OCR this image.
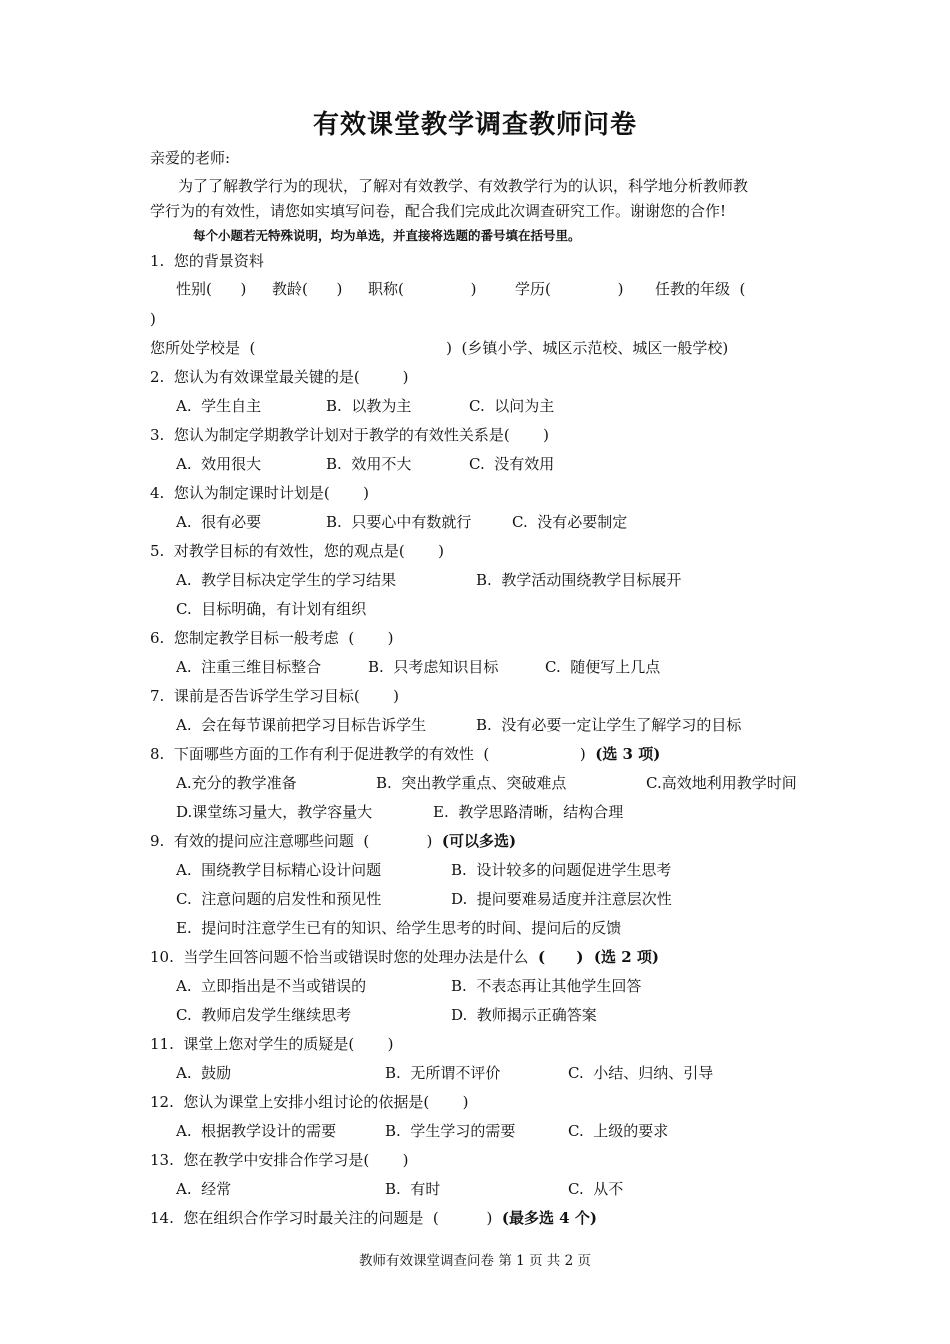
有效课堂教学调查教师问卷
亲爱的老师:
为了了解教学行为的现状，了解对有效教学、有效教学行为的认识，科学地分析教师教
学行为的有效性，请您如实填写问卷，配合我们完成此次调查研究工作。谢谢您的合作!
每个小题若无特殊说明，均为单选，并直接将选题的番号填在括号里。
1.  您的背景资料
性别(      ) 教龄(      ) 职称(              )	学历(              ) 任教的年级  (
)
您所处学校是  (                                        )  (乡镇小学、城区示范校、城区一般学校)
2.  您认为有效课堂最关键的是(         )
A.  学生自主	B.  以教为主	C.  以问为主
3.  您认为制定学期教学计划对于教学的有效性关系是(       )
A.  效用很大	B.  效用不大	C.  没有效用
4.  您认为制定课时计划是(       )
A.  很有必要	B.  只要心中有数就行	C.  没有必要制定
5.  对教学目标的有效性，您的观点是(       )
A.  教学目标决定学生的学习结果	B.  教学活动围绕教学目标展开
C.  目标明确，有计划有组织
6.  您制定教学目标一般考虑  (       )
A.  注重三维目标整合	B.  只考虑知识目标	C.  随便写上几点
7.  课前是否告诉学生学习目标(       )
A.  会在每节课前把学习目标告诉学生	B.  没有必要一定让学生了解学习的目标
8.  下面哪些方面的工作有利于促进教学的有效性  (                   )  (选 3 项)
A.充分的教学准备	B.  突出教学重点、突破难点	C.高效地利用教学时间
D.课堂练习量大，教学容量大	E.  教学思路清晰，结构合理
9.  有效的提问应注意哪些问题  (            )  (可以多选)
A.  围绕教学目标精心设计问题	B.  设计较多的问题促进学生思考
C.  注意问题的启发性和预见性	D.  提问要难易适度并注意层次性
E.  提问时注意学生已有的知识、给学生思考的时间、提问后的反馈
10.  当学生回答问题不恰当或错误时您的处理办法是什么  (      )  (选 2 项)
A.  立即指出是不当或错误的	B.  不表态再让其他学生回答
C.  教师启发学生继续思考	D.  教师揭示正确答案
11.  课堂上您对学生的质疑是(       )
A.  鼓励	B.  无所谓不评价	C.  小结、归纳、引导
12.  您认为课堂上安排小组讨论的依据是(       )
A.  根据教学设计的需要	B.  学生学习的需要	C.  上级的要求
13.  您在教学中安排合作学习是(       )
A.  经常	B.  有时	C.  从不
14.  您在组织合作学习时最关注的问题是  (          )  (最多选 4 个)
教师有效课堂调查问卷 第 1 页 共 2 页
